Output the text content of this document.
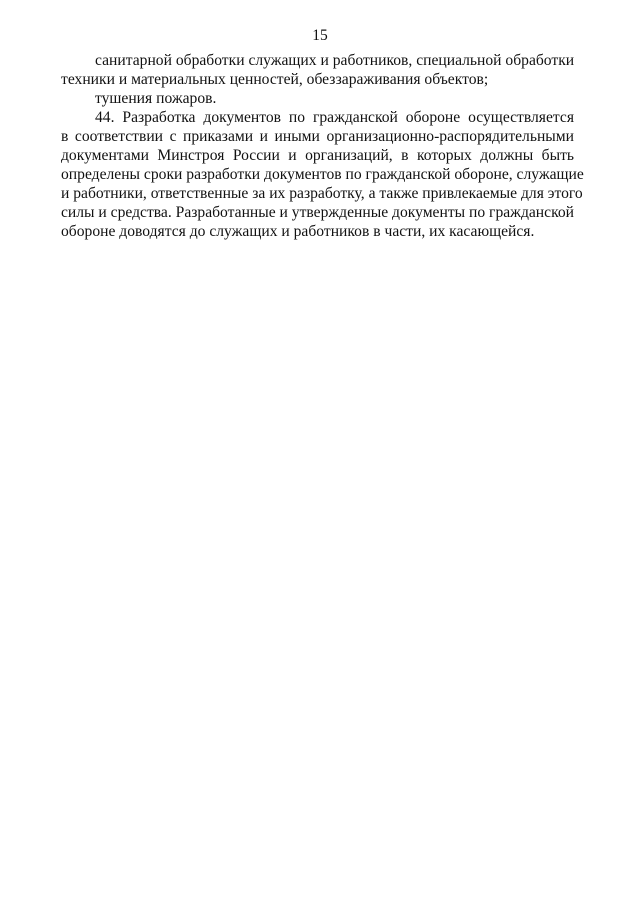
15
санитарной обработки служащих и работников, специальной обработки
техники и материальных ценностей, обеззараживания объектов;
тушения пожаров.
44. Разработка документов по гражданской обороне осуществляется
в соответствии с приказами и иными организационно-распорядительными
документами Минстроя России и организаций, в которых должны быть
определены сроки разработки документов по гражданской обороне, служащие
и работники, ответственные за их разработку, а также привлекаемые для этого
силы и средства. Разработанные и утвержденные документы по гражданской
обороне доводятся до служащих и работников в части, их касающейся.
